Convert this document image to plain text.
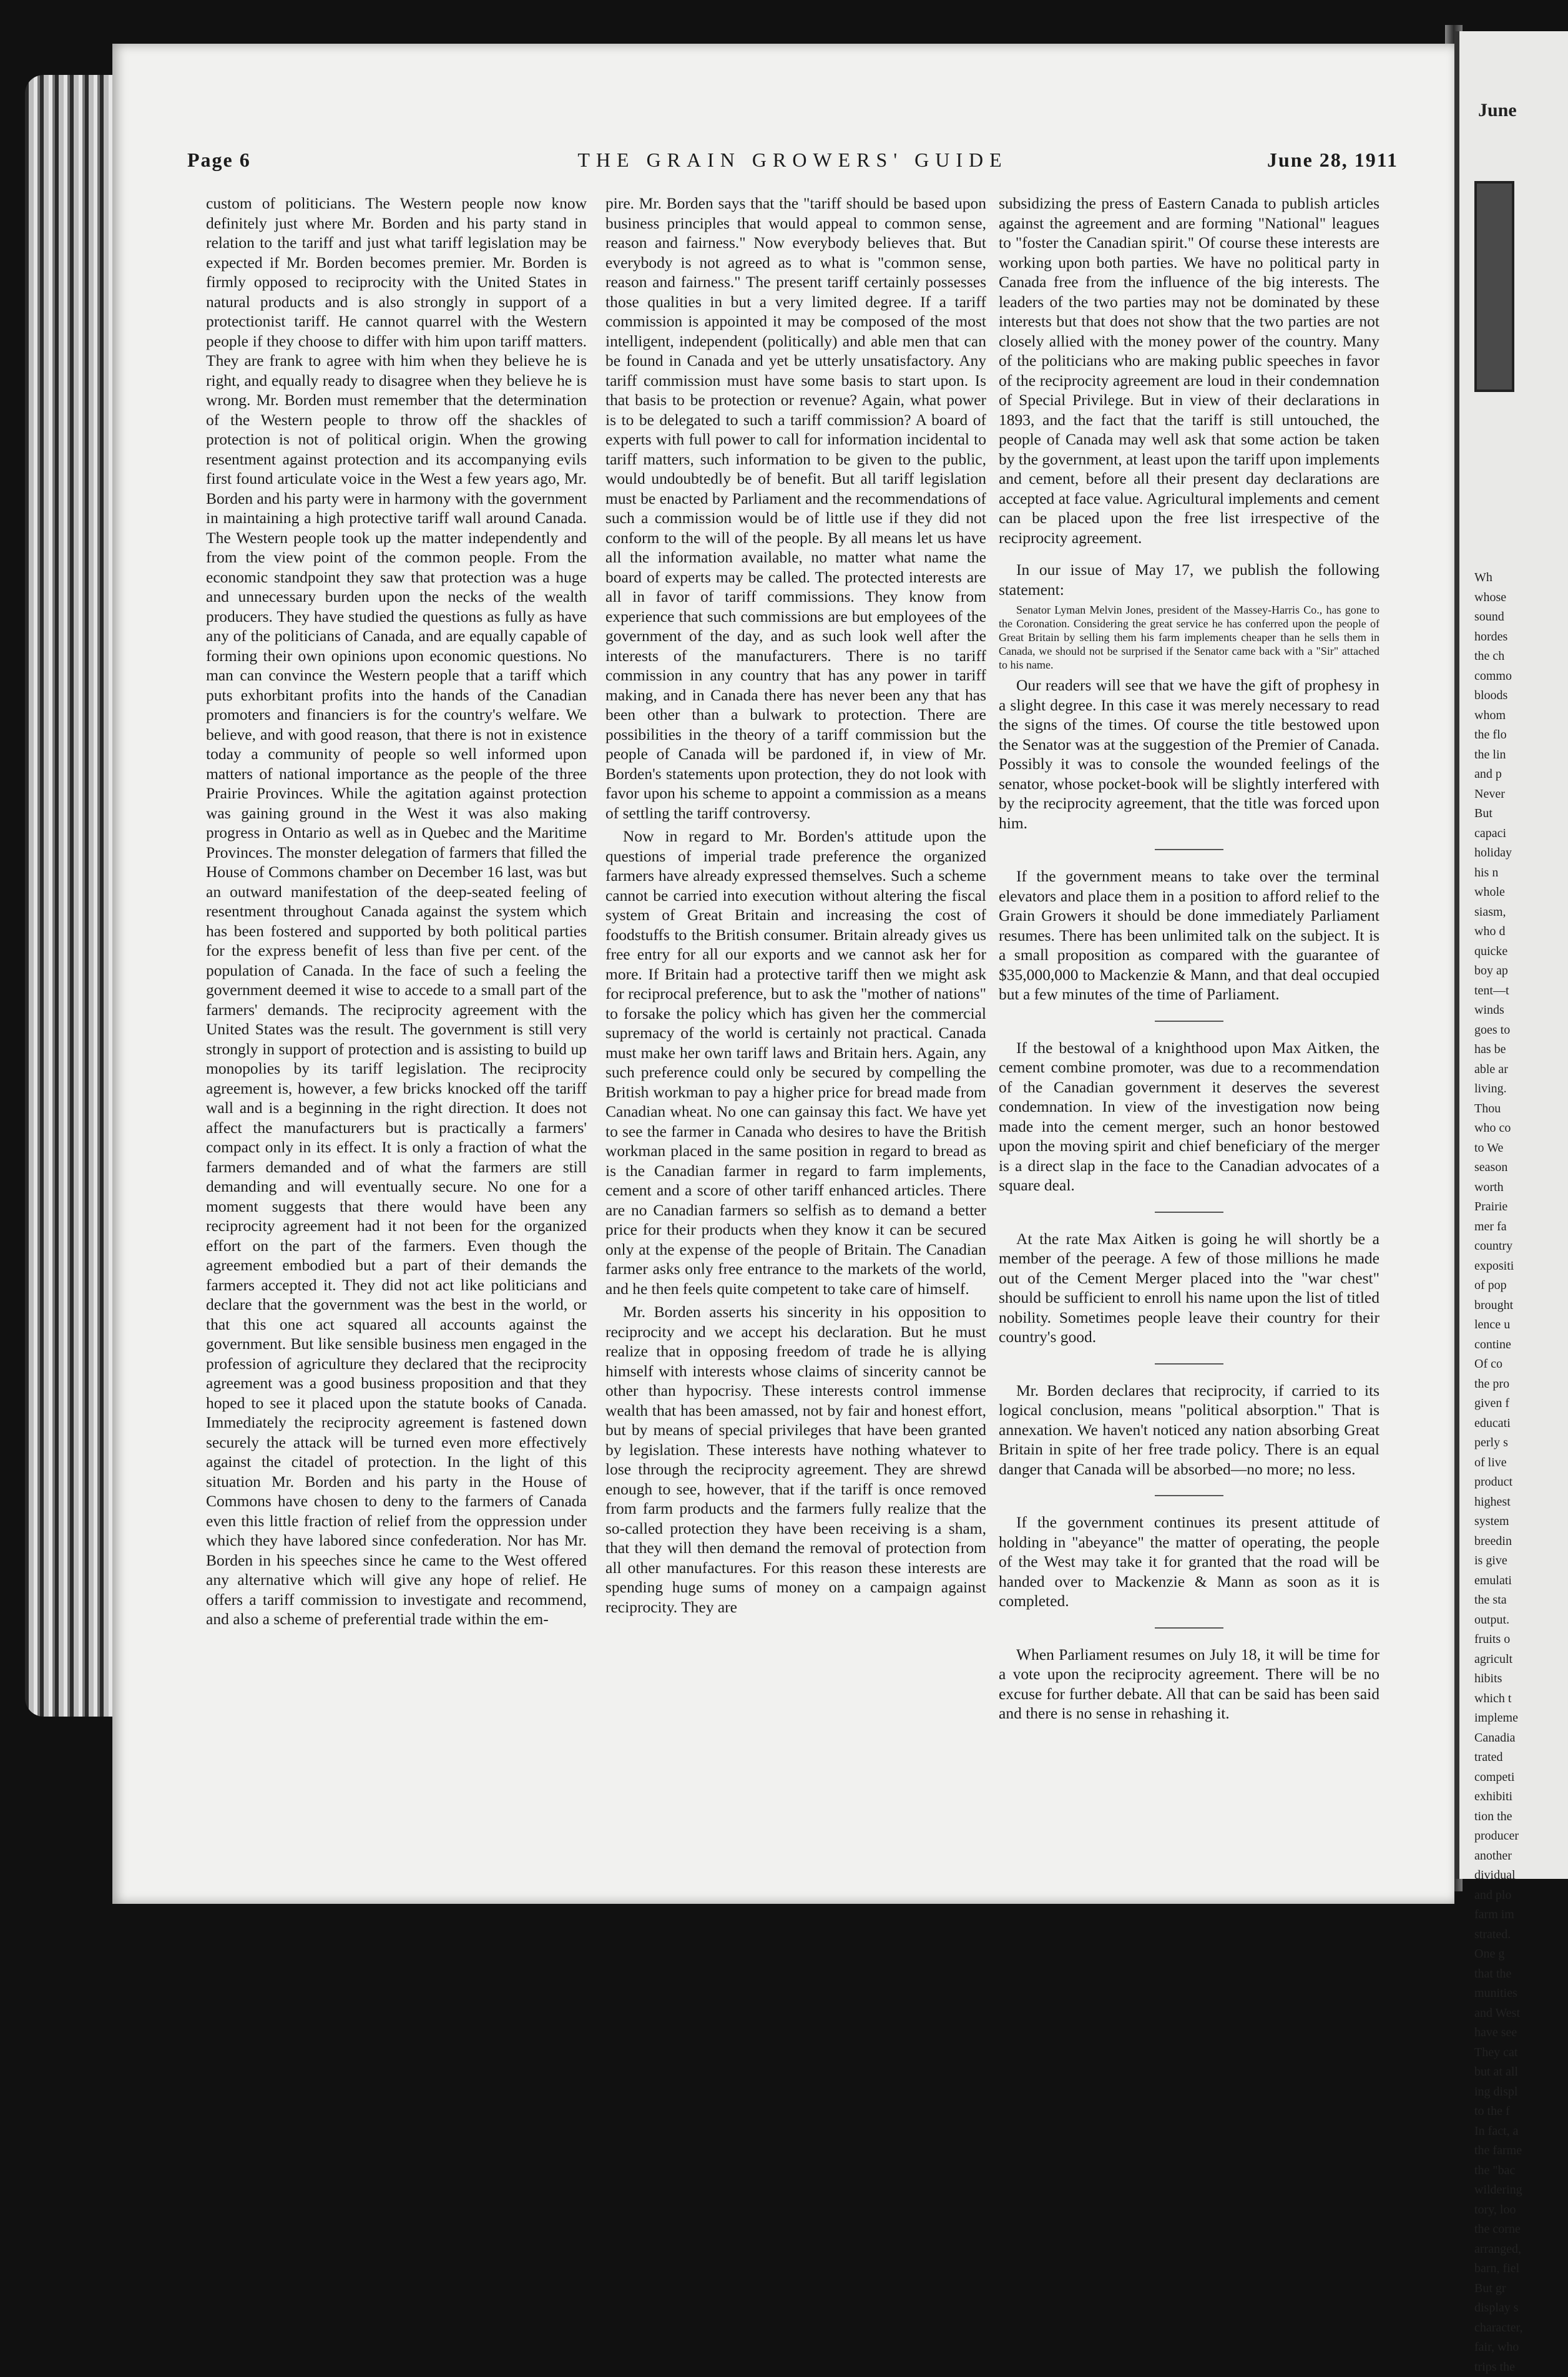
June
Wh
whose
sound
hordes
the ch
commo
bloods
whom
the flo
the lin
and p
Never
But
capaci
holiday
his n
whole
siasm,
who d
quicke
boy ap
tent—t
winds
goes to
has be
able ar
living.
Thou
who co
to We
season
worth
Prairie
mer fa
country
expositi
of pop
brought
lence u
contine
Of co
the pro
given f
educati
perly s
of live
product
highest
system
breedin
is give
emulati
the sta
output.
fruits o
agricult
hibits
which t
impleme
Canadia
trated
competi
exhibiti
tion the
producer
another
dividual
and plo
farm im
strated.
One g
that the
munities
and West
have see
They cat
but at all
ing displ
to the f
In fact, a
the farme
the "bac
wildering
tory, loo
the corne
arranged,
barn, fiel
But gr
display s
character,
fair, who
trips the
Page 6	THE GRAIN GROWERS' GUIDE	June 28, 1911

custom of politicians. The Western people now know definitely just where Mr. Borden and his party stand in relation to the tariff and just what tariff legislation may be expected if Mr. Borden becomes premier. Mr. Borden is firmly opposed to reciprocity with the United States in natural products and is also strongly in support of a protectionist tariff. He cannot quarrel with the Western people if they choose to differ with him upon tariff matters. They are frank to agree with him when they believe he is right, and equally ready to disagree when they believe he is wrong. Mr. Borden must remember that the determination of the Western people to throw off the shackles of protection is not of political origin. When the growing resentment against protection and its accompanying evils first found articulate voice in the West a few years ago, Mr. Borden and his party were in harmony with the government in maintaining a high protective tariff wall around Canada. The Western people took up the matter independently and from the view point of the common people. From the economic standpoint they saw that protection was a huge and unnecessary burden upon the necks of the wealth producers. They have studied the questions as fully as have any of the politicians of Canada, and are equally capable of forming their own opinions upon economic questions. No man can convince the Western people that a tariff which puts exhorbitant profits into the hands of the Canadian promoters and financiers is for the country's welfare. We believe, and with good reason, that there is not in existence today a community of people so well informed upon matters of national importance as the people of the three Prairie Provinces. While the agitation against protection was gaining ground in the West it was also making progress in Ontario as well as in Quebec and the Maritime Provinces. The monster delegation of farmers that filled the House of Commons chamber on December 16 last, was but an outward manifestation of the deep-seated feeling of resentment throughout Canada against the system which has been fostered and supported by both political parties for the express benefit of less than five per cent. of the population of Canada. In the face of such a feeling the government deemed it wise to accede to a small part of the farmers' demands. The reciprocity agreement with the United States was the result. The government is still very strongly in support of protection and is assisting to build up monopolies by its tariff legislation. The reciprocity agreement is, however, a few bricks knocked off the tariff wall and is a beginning in the right direction. It does not affect the manufacturers but is practically a farmers' compact only in its effect. It is only a fraction of what the farmers demanded and of what the farmers are still demanding and will eventually secure. No one for a moment suggests that there would have been any reciprocity agreement had it not been for the organized effort on the part of the farmers. Even though the agreement embodied but a part of their demands the farmers accepted it. They did not act like politicians and declare that the government was the best in the world, or that this one act squared all accounts against the government. But like sensible business men engaged in the profession of agriculture they declared that the reciprocity agreement was a good business proposition and that they hoped to see it placed upon the statute books of Canada. Immediately the reciprocity agreement is fastened down securely the attack will be turned even more effectively against the citadel of protection. In the light of this situation Mr. Borden and his party in the House of Commons have chosen to deny to the farmers of Canada even this little fraction of relief from the oppression under which they have labored since confederation. Nor has Mr. Borden in his speeches since he came to the West offered any alternative which will give any hope of relief. He offers a tariff commission to investigate and recommend, and also a scheme of preferential trade within the em-

pire. Mr. Borden says that the "tariff should be based upon business principles that would appeal to common sense, reason and fairness." Now everybody believes that. But everybody is not agreed as to what is "common sense, reason and fairness." The present tariff certainly possesses those qualities in but a very limited degree. If a tariff commission is appointed it may be composed of the most intelligent, independent (politically) and able men that can be found in Canada and yet be utterly unsatisfactory. Any tariff commission must have some basis to start upon. Is that basis to be protection or revenue? Again, what power is to be delegated to such a tariff commission? A board of experts with full power to call for information incidental to tariff matters, such information to be given to the public, would undoubtedly be of benefit. But all tariff legislation must be enacted by Parliament and the recommendations of such a commission would be of little use if they did not conform to the will of the people. By all means let us have all the information available, no matter what name the board of experts may be called. The protected interests are all in favor of tariff commissions. They know from experience that such commissions are but employees of the government of the day, and as such look well after the interests of the manufacturers. There is no tariff commission in any country that has any power in tariff making, and in Canada there has never been any that has been other than a bulwark to protection. There are possibilities in the theory of a tariff commission but the people of Canada will be pardoned if, in view of Mr. Borden's statements upon protection, they do not look with favor upon his scheme to appoint a commission as a means of settling the tariff controversy.

Now in regard to Mr. Borden's attitude upon the questions of imperial trade preference the organized farmers have already expressed themselves. Such a scheme cannot be carried into execution without altering the fiscal system of Great Britain and increasing the cost of foodstuffs to the British consumer. Britain already gives us free entry for all our exports and we cannot ask her for more. If Britain had a protective tariff then we might ask for reciprocal preference, but to ask the "mother of nations" to forsake the policy which has given her the commercial supremacy of the world is certainly not practical. Canada must make her own tariff laws and Britain hers. Again, any such preference could only be secured by compelling the British workman to pay a higher price for bread made from Canadian wheat. No one can gainsay this fact. We have yet to see the farmer in Canada who desires to have the British workman placed in the same position in regard to bread as is the Canadian farmer in regard to farm implements, cement and a score of other tariff enhanced articles. There are no Canadian farmers so selfish as to demand a better price for their products when they know it can be secured only at the expense of the people of Britain. The Canadian farmer asks only free entrance to the markets of the world, and he then feels quite competent to take care of himself.

Mr. Borden asserts his sincerity in his opposition to reciprocity and we accept his declaration. But he must realize that in opposing freedom of trade he is allying himself with interests whose claims of sincerity cannot be other than hypocrisy. These interests control immense wealth that has been amassed, not by fair and honest effort, but by means of special privileges that have been granted by legislation. These interests have nothing whatever to lose through the reciprocity agreement. They are shrewd enough to see, however, that if the tariff is once removed from farm products and the farmers fully realize that the so-called protection they have been receiving is a sham, that they will then demand the removal of protection from all other manufactures. For this reason these interests are spending huge sums of money on a campaign against reciprocity. They are

subsidizing the press of Eastern Canada to publish articles against the agreement and are forming "National" leagues to "foster the Canadian spirit." Of course these interests are working upon both parties. We have no political party in Canada free from the influence of the big interests. The leaders of the two parties may not be dominated by these interests but that does not show that the two parties are not closely allied with the money power of the country. Many of the politicians who are making public speeches in favor of the reciprocity agreement are loud in their condemnation of Special Privilege. But in view of their declarations in 1893, and the fact that the tariff is still untouched, the people of Canada may well ask that some action be taken by the government, at least upon the tariff upon implements and cement, before all their present day declarations are accepted at face value. Agricultural implements and cement can be placed upon the free list irrespective of the reciprocity agreement.

In our issue of May 17, we publish the following statement:

Senator Lyman Melvin Jones, president of the Massey-Harris Co., has gone to the Coronation. Considering the great service he has conferred upon the people of Great Britain by selling them his farm implements cheaper than he sells them in Canada, we should not be surprised if the Senator came back with a "Sir" attached to his name.

Our readers will see that we have the gift of prophesy in a slight degree. In this case it was merely necessary to read the signs of the times. Of course the title bestowed upon the Senator was at the suggestion of the Premier of Canada. Possibly it was to console the wounded feelings of the senator, whose pocket-book will be slightly interfered with by the reciprocity agreement, that the title was forced upon him.

If the government means to take over the terminal elevators and place them in a position to afford relief to the Grain Growers it should be done immediately Parliament resumes. There has been unlimited talk on the subject. It is a small proposition as compared with the guarantee of $35,000,000 to Mackenzie & Mann, and that deal occupied but a few minutes of the time of Parliament.

If the bestowal of a knighthood upon Max Aitken, the cement combine promoter, was due to a recommendation of the Canadian government it deserves the severest condemnation. In view of the investigation now being made into the cement merger, such an honor bestowed upon the moving spirit and chief beneficiary of the merger is a direct slap in the face to the Canadian advocates of a square deal.

At the rate Max Aitken is going he will shortly be a member of the peerage. A few of those millions he made out of the Cement Merger placed into the "war chest" should be sufficient to enroll his name upon the list of titled nobility. Sometimes people leave their country for their country's good.

Mr. Borden declares that reciprocity, if carried to its logical conclusion, means "political absorption." That is annexation. We haven't noticed any nation absorbing Great Britain in spite of her free trade policy. There is an equal danger that Canada will be absorbed—no more; no less.

If the government continues its present attitude of holding in "abeyance" the matter of operating, the people of the West may take it for granted that the road will be handed over to Mackenzie & Mann as soon as it is completed.

When Parliament resumes on July 18, it will be time for a vote upon the reciprocity agreement. There will be no excuse for further debate. All that can be said has been said and there is no sense in rehashing it.
